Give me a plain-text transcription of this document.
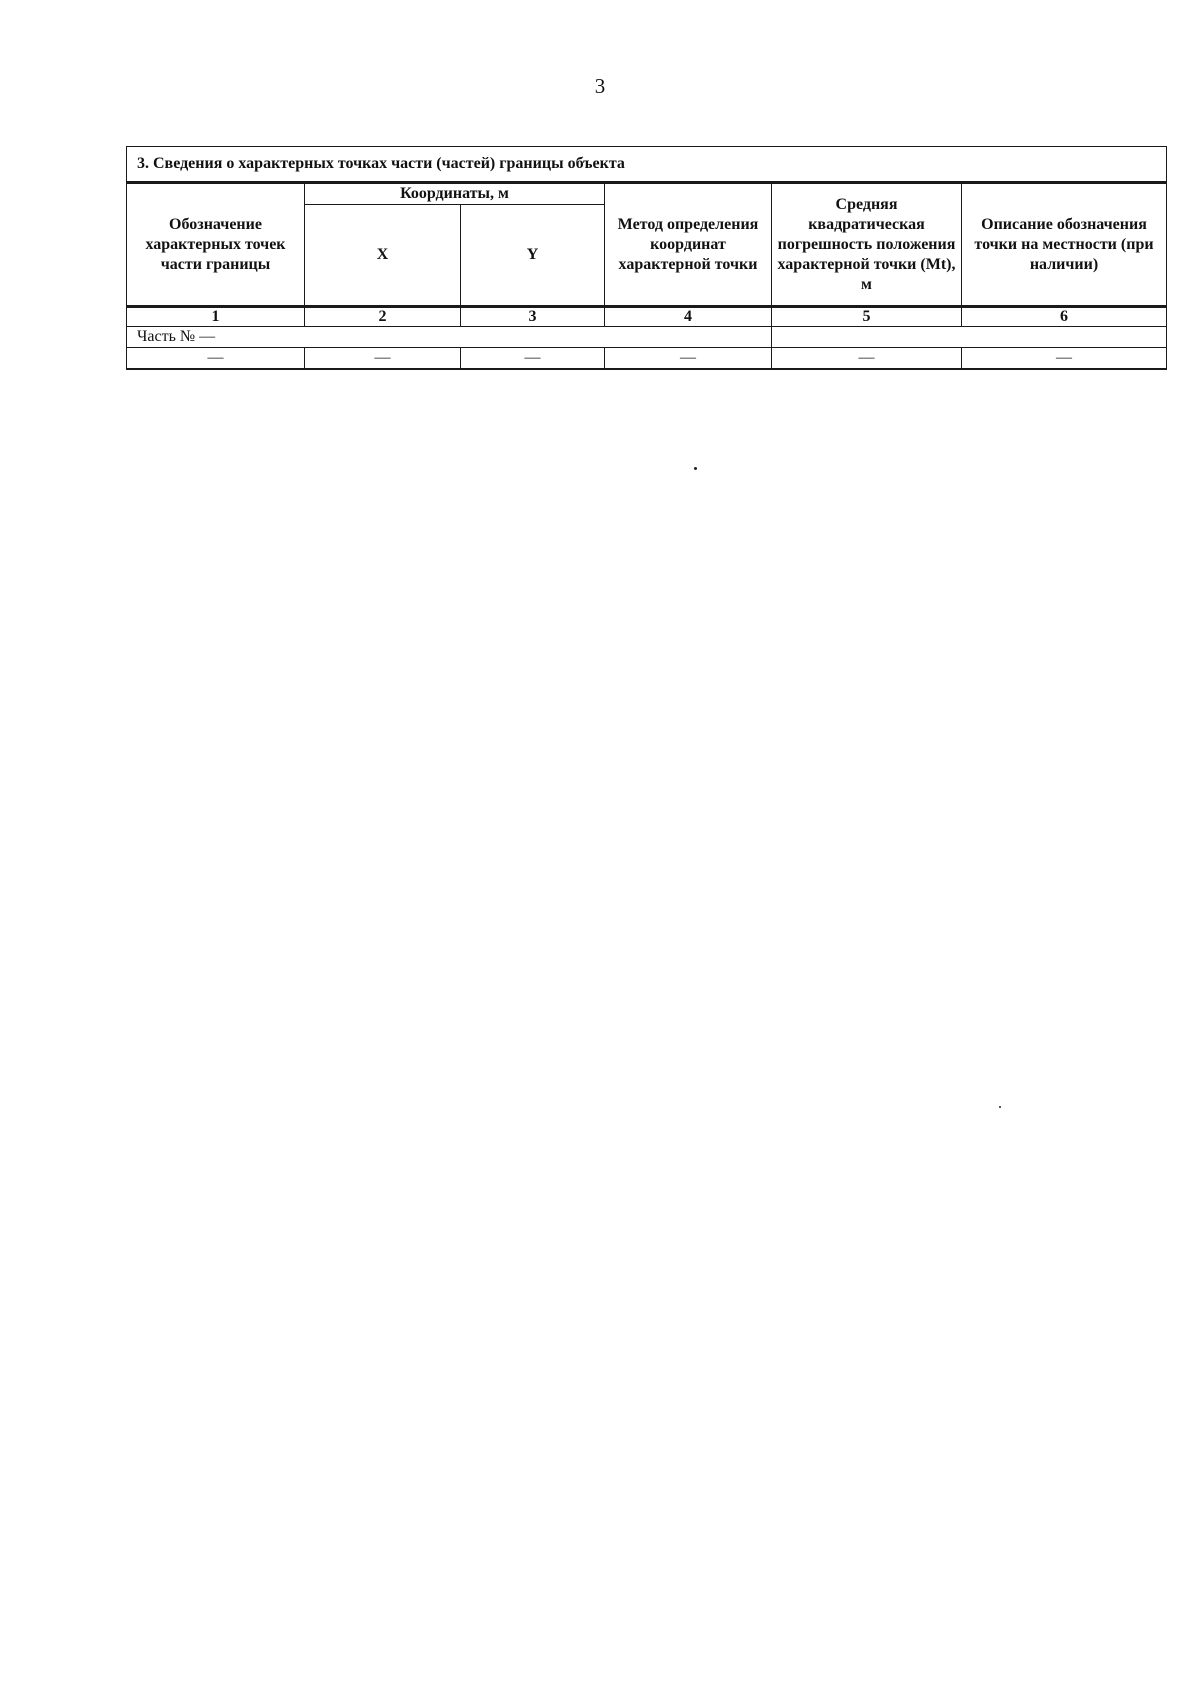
3
3. Сведения о характерных точках части (частей) границы объекта					
Обозначение характерных точек части границы	Координаты, м		Метод определения координат характерной точки	Средняя квадратическая погрешность положения характерной точки (Mt), м	Описание обозначения точки на местности (при наличии)
	X	Y			
1	2	3	4	5	6
Часть № —					
—	—	—	—	—	—
